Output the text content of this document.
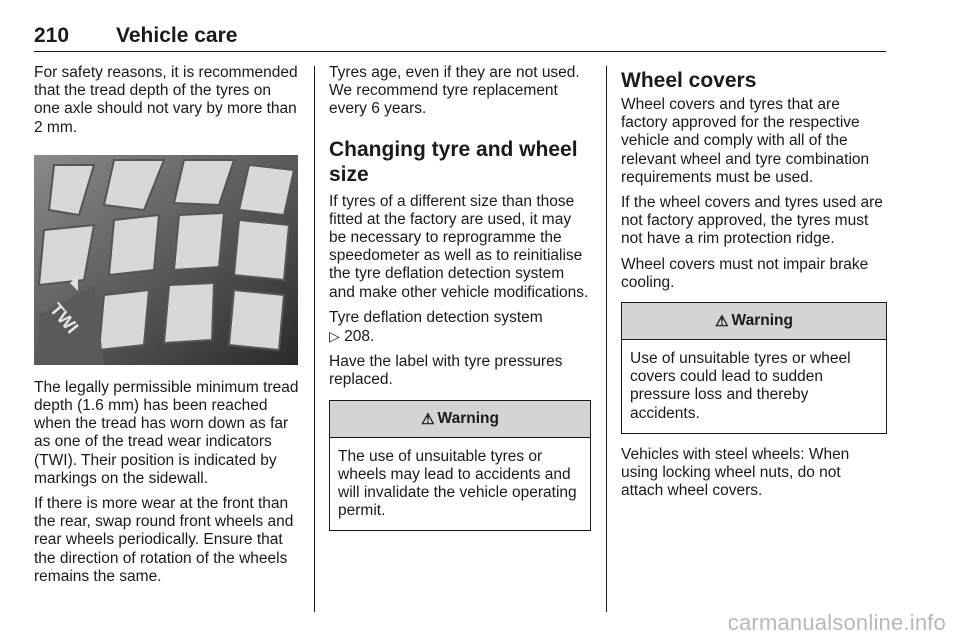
210 Vehicle care

For safety reasons, it is recommended that the tread depth of the tyres on one axle should not vary by more than 2 mm.

TWI

The legally permissible minimum tread depth (1.6 mm) has been reached when the tread has worn down as far as one of the tread wear indicators (TWI). Their position is indicated by markings on the sidewall.

If there is more wear at the front than the rear, swap round front wheels and rear wheels periodically. Ensure that the direction of rotation of the wheels remains the same.

Tyres age, even if they are not used. We recommend tyre replacement every 6 years.

Changing tyre and wheel size

If tyres of a different size than those fitted at the factory are used, it may be necessary to reprogramme the speedometer as well as to reinitialise the tyre deflation detection system and make other vehicle modifications.

Tyre deflation detection system
▷ 208.

Have the label with tyre pressures replaced.

⚠ Warning
The use of unsuitable tyres or wheels may lead to accidents and will invalidate the vehicle operating permit.
Wheel covers

Wheel covers and tyres that are factory approved for the respective vehicle and comply with all of the relevant wheel and tyre combination requirements must be used.

If the wheel covers and tyres used are not factory approved, the tyres must not have a rim protection ridge.

Wheel covers must not impair brake cooling.

⚠ Warning
Use of unsuitable tyres or wheel covers could lead to sudden pressure loss and thereby accidents.

Vehicles with steel wheels: When using locking wheel nuts, do not attach wheel covers.

carmanualsonline.info
